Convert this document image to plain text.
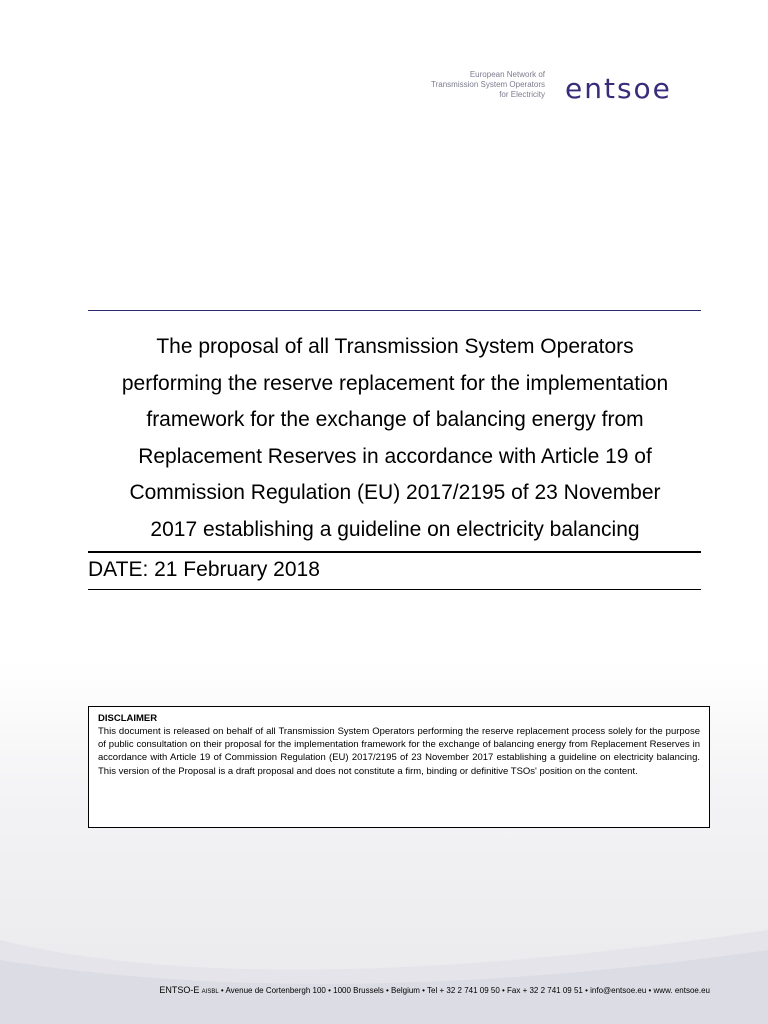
European Network of
Transmission System Operators
for Electricity entso
e
The proposal of all Transmission System Operators
performing the reserve replacement for the implementation
framework for the exchange of balancing energy from
Replacement Reserves in accordance with Article 19 of
Commission Regulation (EU) 2017/2195 of 23 November
2017 establishing a guideline on electricity balancing
DATE: 21 February 2018
DISCLAIMER
This document is released on behalf of all Transmission System Operators performing the reserve replacement process solely for the purpose of public consultation on their proposal for the implementation framework for the exchange of balancing energy from Replacement Reserves in accordance with Article 19 of Commission Regulation (EU) 2017/2195 of 23 November 2017 establishing a guideline on electricity balancing. This version of the Proposal is a draft proposal and does not constitute a firm, binding or definitive TSOs' position on the content.
ENTSO-E AISBL • Avenue de Cortenbergh 100 • 1000 Brussels • Belgium • Tel + 32 2 741 09 50 • Fax + 32 2 741 09 51 • info@entsoe.eu • www. entsoe.eu
